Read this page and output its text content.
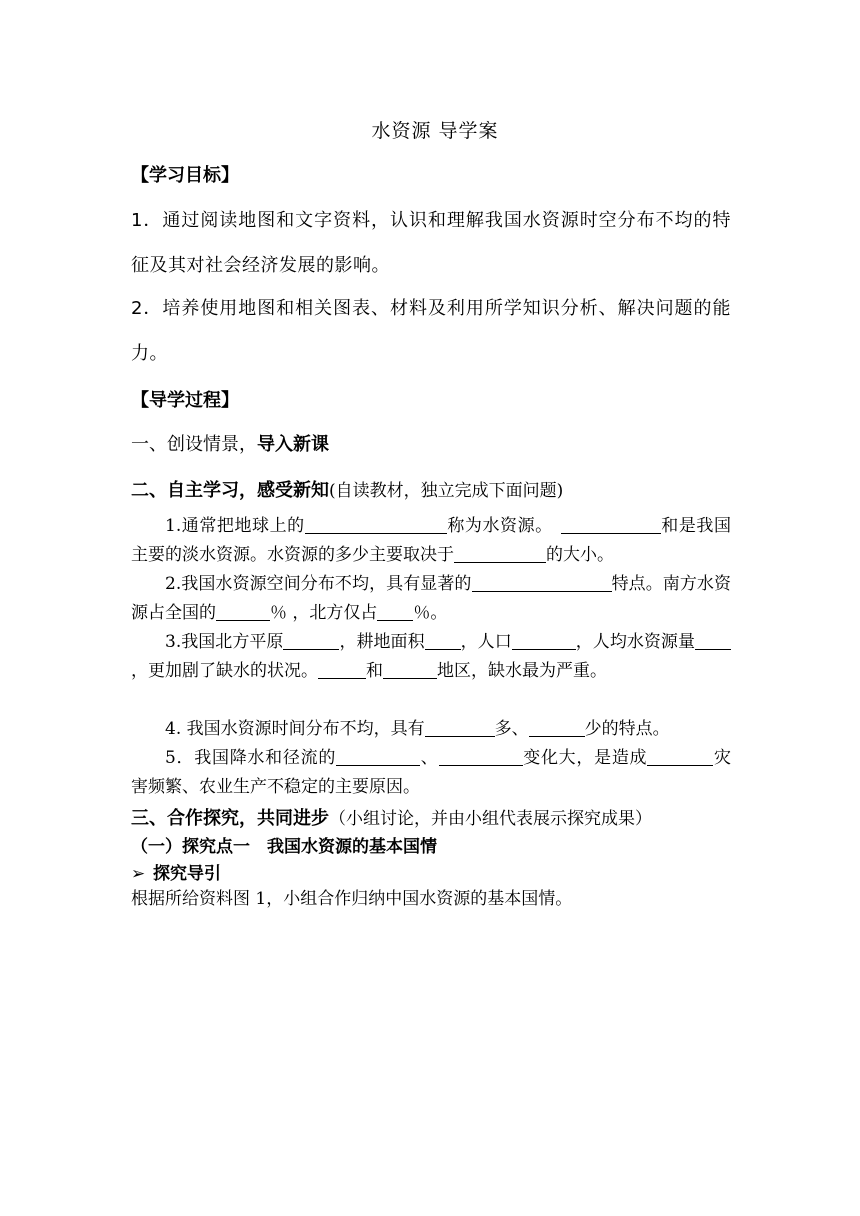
水资源 导学案
【学习目标】
1．通过阅读地图和文字资料，认识和理解我国水资源时空分布不均的特征及其对社会经济发展的影响。
2．培养使用地图和相关图表、材料及利用所学知识分析、解决问题的能力。
【导学过程】
一、创设情景，导入新课
二、自主学习，感受新知(自读教材，独立完成下面问题)
1.通常把地球上的	称为水资源。	和是我国主要的淡水资源。水资源的多少主要取决于	的大小。
2.我国水资源空间分布不均，具有显著的	特点。南方水资源占全国的	％ ，北方仅占 ％。
3.我国北方平原	，耕地面积 ，人口	，人均水资源量，更加剧了缺水的状况。	和	地区，缺水最为严重。
4. 我国水资源时间分布不均，具有	多、	少的特点。
5．我国降水和径流的	、	变化大，是造成	灾害频繁、农业生产不稳定的主要原因。
三、合作探究，共同进步（小组讨论，并由小组代表展示探究成果）
（一）探究点一　我国水资源的基本国情
➢ 探究导引
根据所给资料图 1，小组合作归纳中国水资源的基本国情。
